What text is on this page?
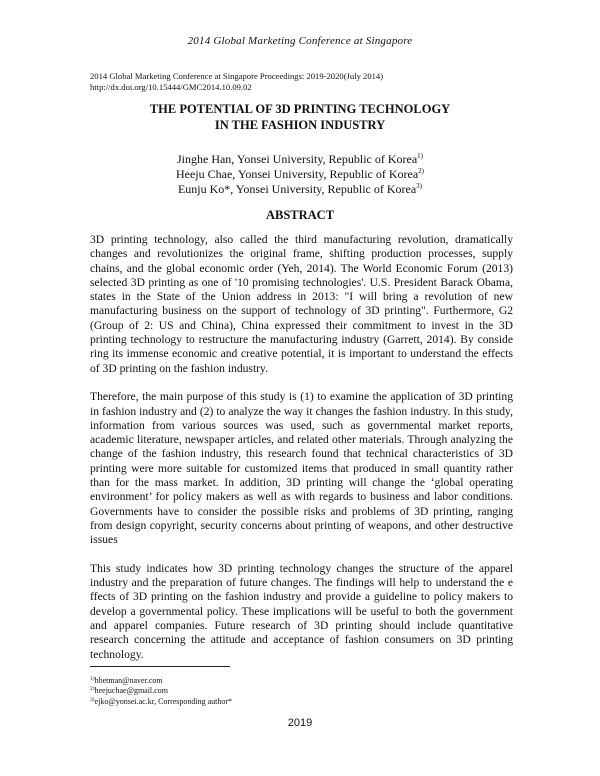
2014 Global Marketing Conference at Singapore
2014 Global Marketing Conference at Singapore Proceedings: 2019-2020(July 2014)
http://dx.doi.org/10.15444/GMC2014.10.09.02
THE POTENTIAL OF 3D PRINTING TECHNOLOGY
IN THE FASHION INDUSTRY
Jinghe Han, Yonsei University, Republic of Korea$^{1)}$
Heeju Chae, Yonsei University, Republic of Korea$^{2)}$
Eunju Ko*, Yonsei University, Republic of Korea$^{3)}$
ABSTRACT

3D printing technology, also called the third manufacturing revolution, dramatically changes and revolutionizes the original frame, shifting production processes, supply chains, and the global economic order (Yeh, 2014). The World Economic Forum (2013) selected 3D printing as one of '10 promising technologies'. U.S. President Barack Obama, states in the State of the Union address in 2013: "I will bring a revolution of new manufacturing business on the support of technology of 3D printing". Furthermore, G2 (Group of 2: US and China), China expressed their commitment to invest in the 3D printing technology to restructure the manufacturing industry (Garrett, 2014). By conside ring its immense economic and creative potential, it is important to understand the effects of 3D printing on the fashion industry.

Therefore, the main purpose of this study is (1) to examine the application of 3D printing in fashion industry and (2) to analyze the way it changes the fashion industry. In this study, information from various sources was used, such as governmental market reports, academic literature, newspaper articles, and related other materials. Through analyzing the change of the fashion industry, this research found that technical characteristics of 3D printing were more suitable for customized items that produced in small quantity rather than for the mass market. In addition, 3D printing will change the ‘global operating environment’ for policy makers as well as with regards to business and labor conditions. Governments have to consider the possible risks and problems of 3D printing, ranging from design copyright, security concerns about printing of weapons, and other destructive issues

This study indicates how 3D printing technology changes the structure of the apparel industry and the preparation of future changes. The findings will help to understand the e ffects of 3D printing on the fashion industry and provide a guideline to policy makers to develop a governmental policy. These implications will be useful to both the government and apparel companies. Future research of 3D printing should include quantitative research concerning the attitude and acceptance of fashion consumers on 3D printing technology.

$^{1)}$hbetman@naver.com
$^{2)}$heejuchae@gmail.com
$^{3)}$ejko@yonsei.ac.kr, Corresponding author*
2019
